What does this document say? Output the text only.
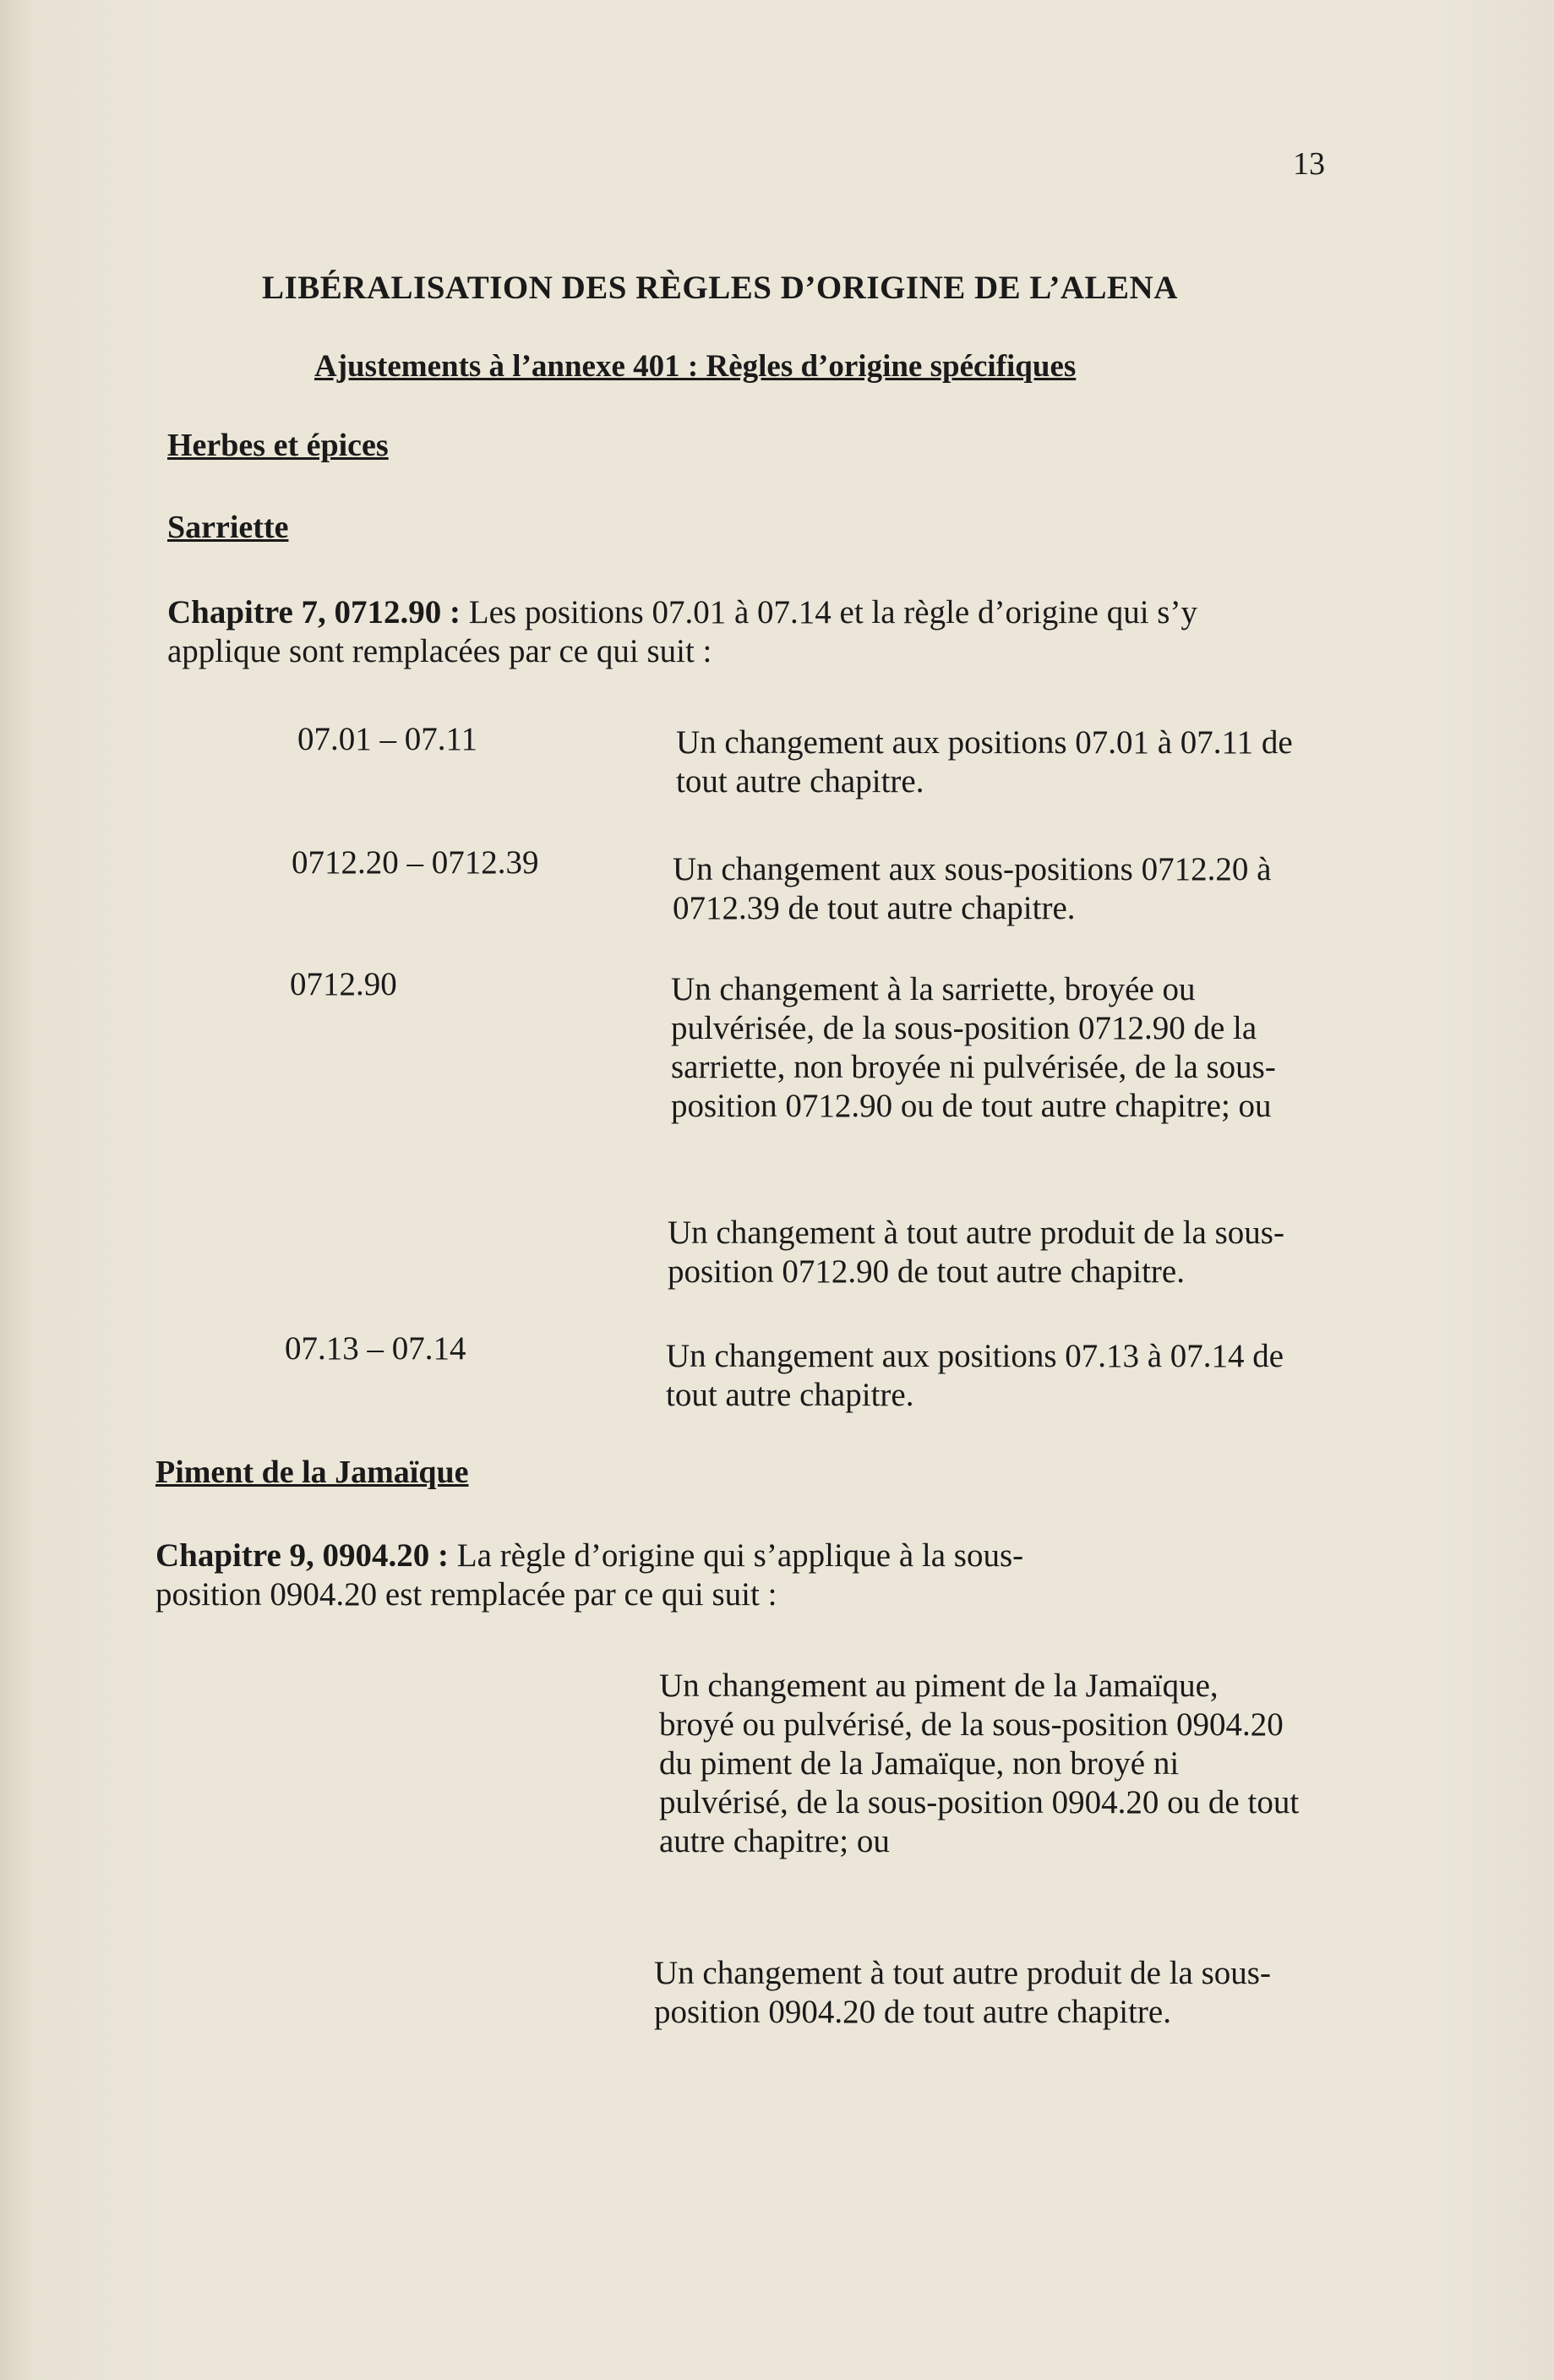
13
LIBÉRALISATION DES RÈGLES D’ORIGINE DE L’ALENA
Ajustements à l’annexe 401 : Règles d’origine spécifiques
Herbes et épices
Sarriette
Chapitre 7, 0712.90 : Les positions 07.01 à 07.14 et la règle d’origine qui s’y applique sont remplacées par ce qui suit :
07.01 – 07.11	Un changement aux positions 07.01 à 07.11 de tout autre chapitre.
0712.20 – 0712.39	Un changement aux sous-positions 0712.20 à 0712.39 de tout autre chapitre.
0712.90	Un changement à la sarriette, broyée ou pulvérisée, de la sous-position 0712.90 de la sarriette, non broyée ni pulvérisée, de la sous-position 0712.90 ou de tout autre chapitre; ou
Un changement à tout autre produit de la sous-position 0712.90 de tout autre chapitre.
07.13 – 07.14	Un changement aux positions 07.13 à 07.14 de tout autre chapitre.
Piment de la Jamaïque
Chapitre 9, 0904.20 : La règle d’origine qui s’applique à la sous-position 0904.20 est remplacée par ce qui suit :
Un changement au piment de la Jamaïque, broyé ou pulvérisé, de la sous-position 0904.20 du piment de la Jamaïque, non broyé ni pulvérisé, de la sous-position 0904.20 ou de tout autre chapitre; ou
Un changement à tout autre produit de la sous-position 0904.20 de tout autre chapitre.
